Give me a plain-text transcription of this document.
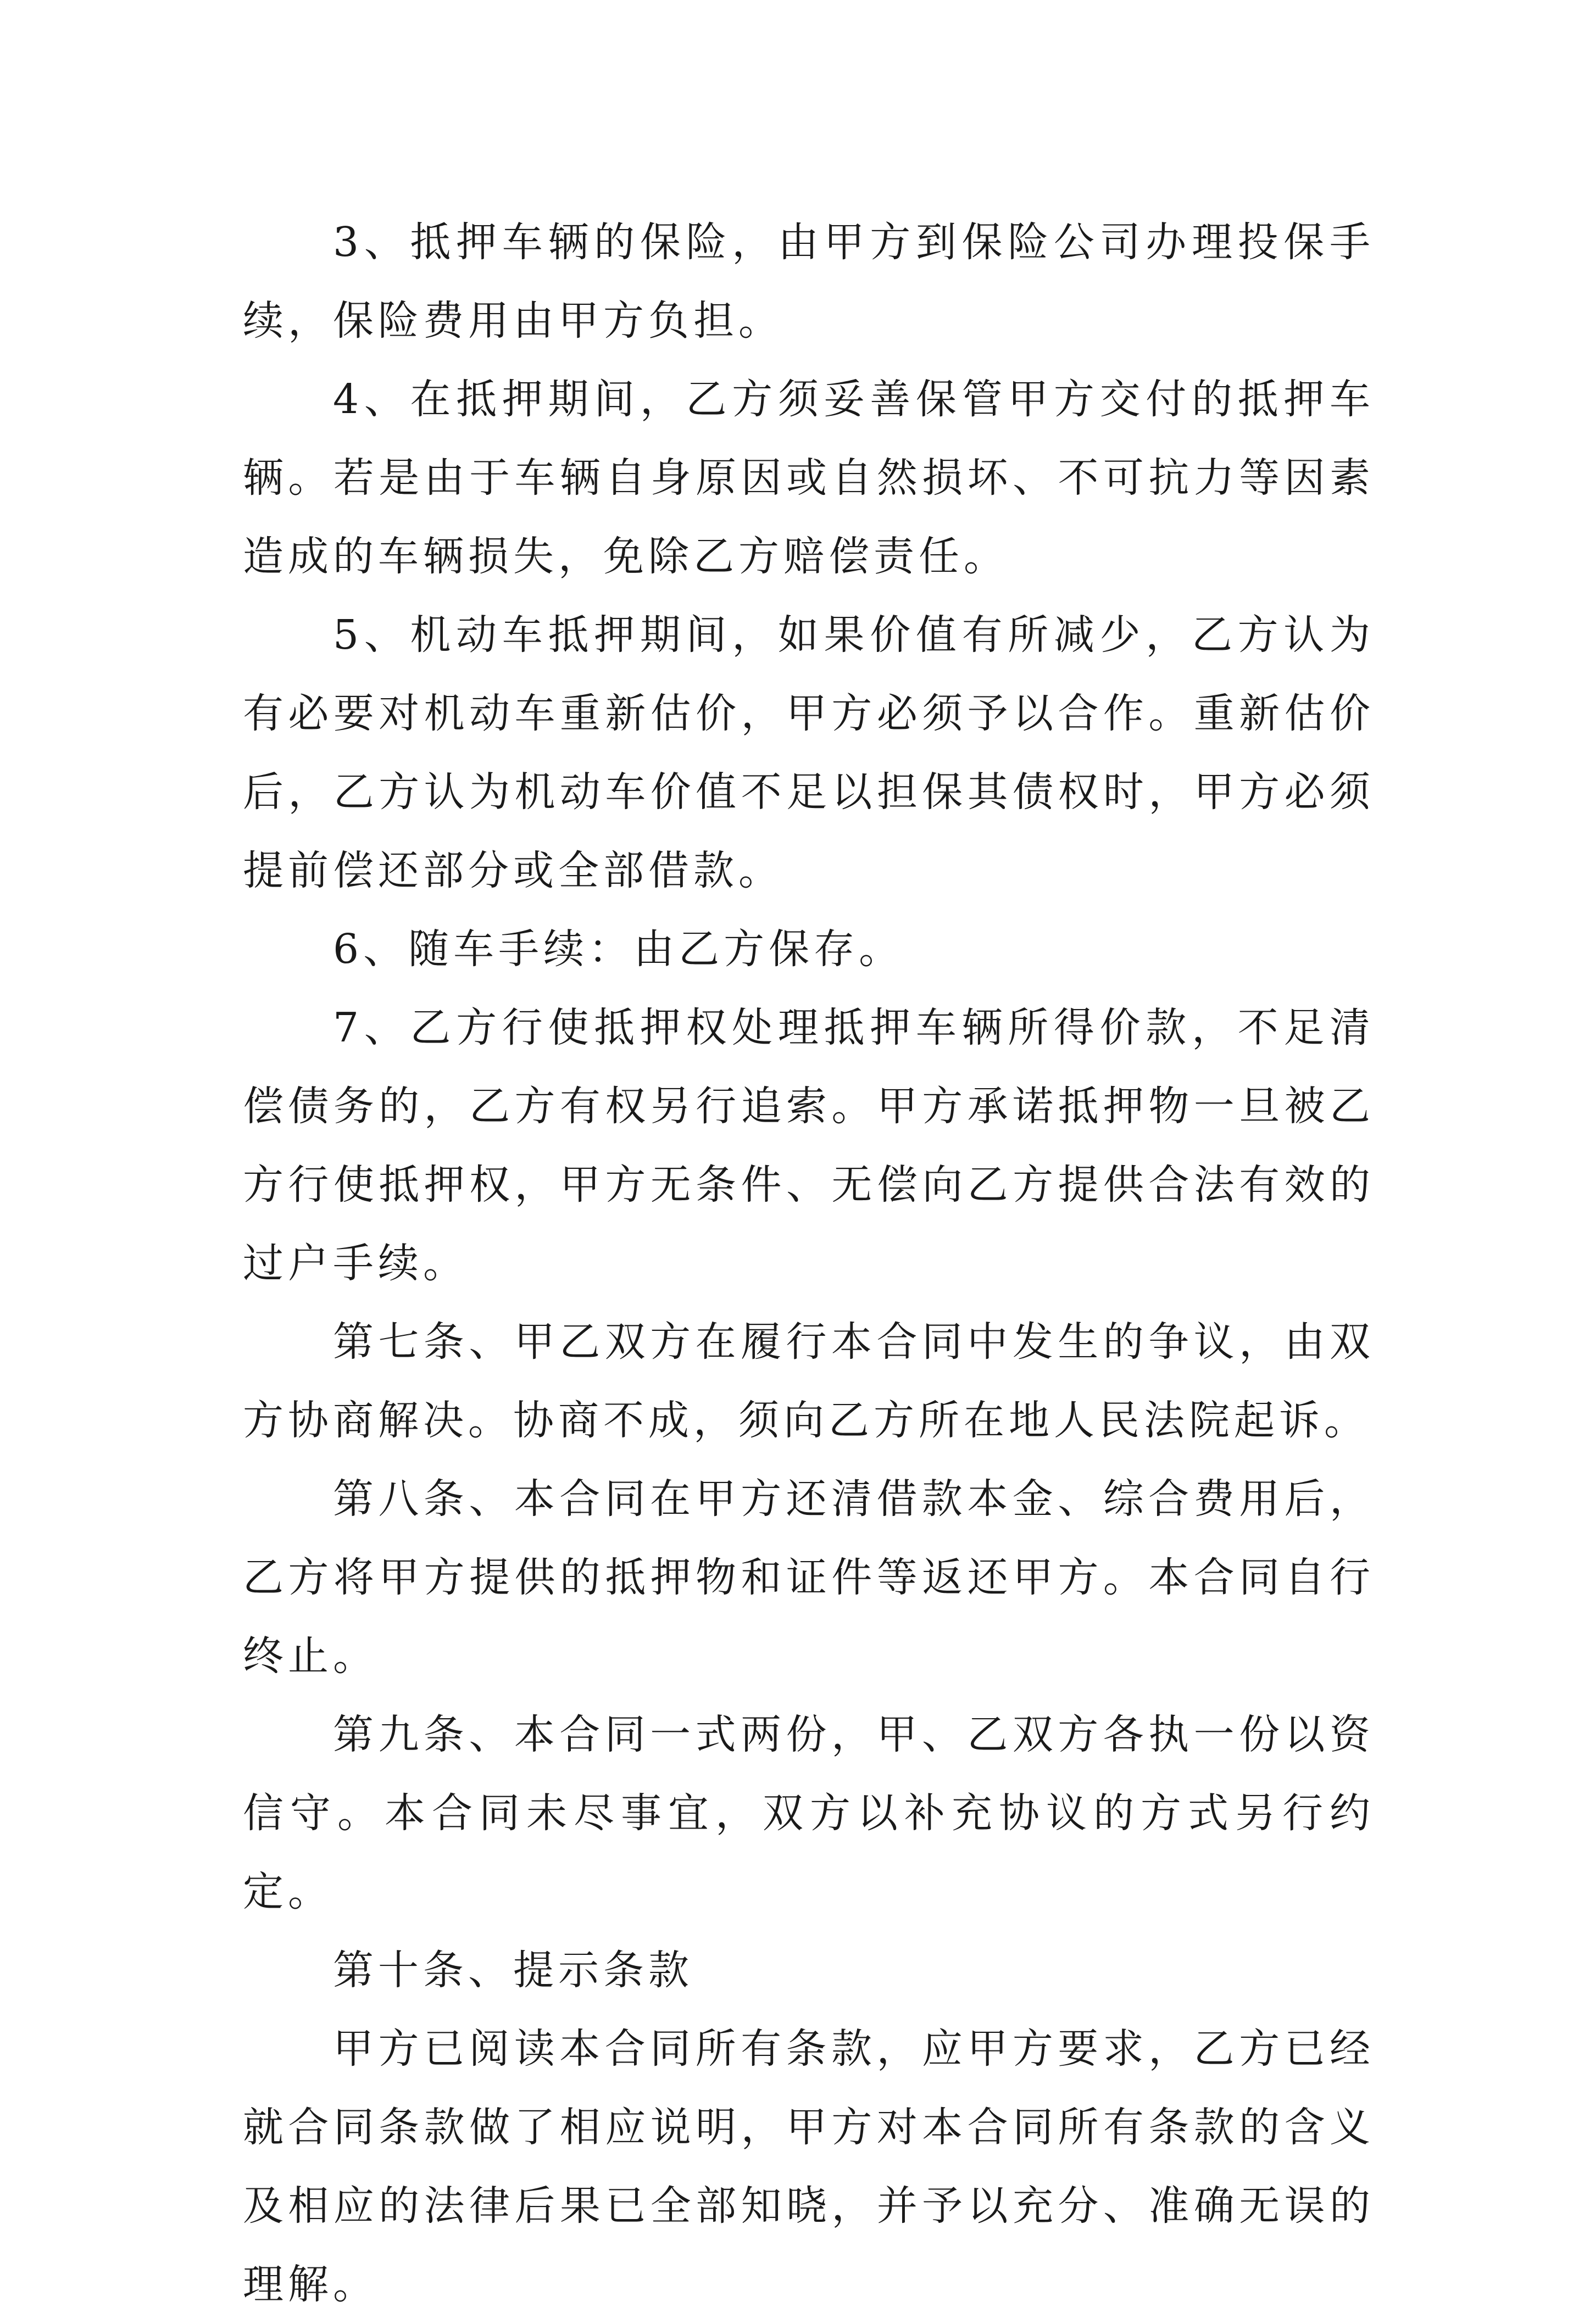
3、抵押车辆的保险，由甲方到保险公司办理投保手续，保险费用由甲方负担。

4、在抵押期间，乙方须妥善保管甲方交付的抵押车辆。若是由于车辆自身原因或自然损坏、不可抗力等因素造成的车辆损失，免除乙方赔偿责任。

5、机动车抵押期间，如果价值有所减少，乙方认为有必要对机动车重新估价，甲方必须予以合作。重新估价后，乙方认为机动车价值不足以担保其债权时，甲方必须提前偿还部分或全部借款。

6、随车手续：由乙方保存。

7、乙方行使抵押权处理抵押车辆所得价款，不足清偿债务的，乙方有权另行追索。甲方承诺抵押物一旦被乙方行使抵押权，甲方无条件、无偿向乙方提供合法有效的过户手续。

第七条、甲乙双方在履行本合同中发生的争议，由双方协商解决。协商不成，须向乙方所在地人民法院起诉。

第八条、本合同在甲方还清借款本金、综合费用后，乙方将甲方提供的抵押物和证件等返还甲方。本合同自行终止。

第九条、本合同一式两份，甲、乙双方各执一份以资信守。本合同未尽事宜，双方以补充协议的方式另行约定。

第十条、提示条款

甲方已阅读本合同所有条款，应甲方要求，乙方已经就合同条款做了相应说明，甲方对本合同所有条款的含义及相应的法律后果已全部知晓，并予以充分、准确无误的理解。
